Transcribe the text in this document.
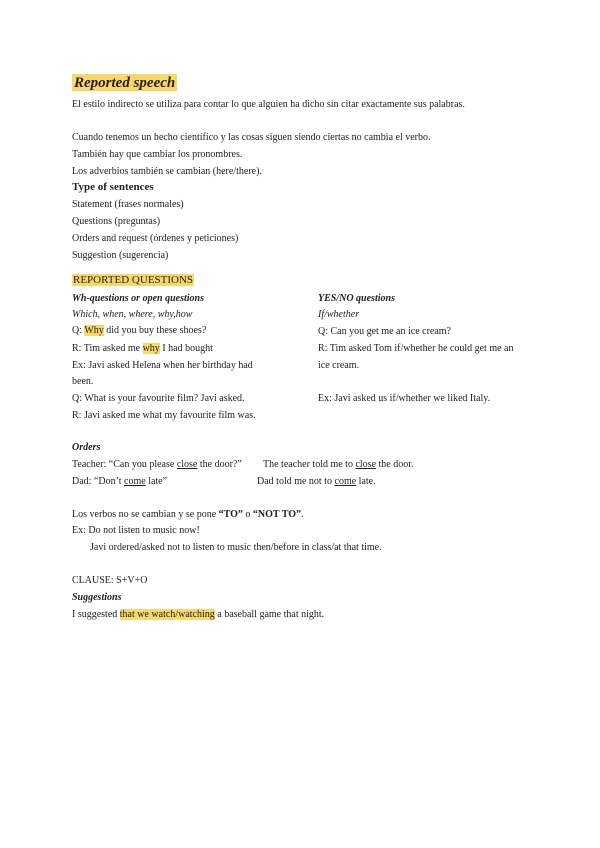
Reported speech
El estilo indirecto se utiliza para contar lo que alguien ha dicho sin citar exactamente sus palabras.
Cuando tenemos un hecho científico y las cosas siguen siendo ciertas no cambia el verbo.
También hay que cambiar los pronombres.
Los adverbios también se cambian (here/there).
Type of sentences
Statement (frases normales)
Questions (preguntas)
Orders and request (órdenes y peticiones)
Suggestion (sugerencia)
REPORTED QUESTIONS
Wh-questions or open questions
Which, when, where, why,how
Q: Why did you buy these shoes?
R: Tim asked me why I had bought
Ex: Javi asked Helena when her birthday had
been.
Q: What is your favourite film? Javi asked.
R: Javi asked me what my favourite film was.
YES/NO questions
If/whether
Q: Can you get me an ice cream?
R: Tim asked Tom if/whether he could get me an
ice cream.
Ex: Javi asked us if/whether we liked Italy.
Orders
Teacher: “Can you please close the door?” The teacher told me to close the door.
Dad: “Don’t come late”	Dad told me not to come late.
Los verbos no se cambian y se pone “TO” o “NOT TO”.
Ex: Do not listen to music now!
Javi ordered/asked not to listen to music then/before in class/at that time.
CLAUSE: S+V+O
Suggestions
I suggested that we watch/watching a baseball game that night.
